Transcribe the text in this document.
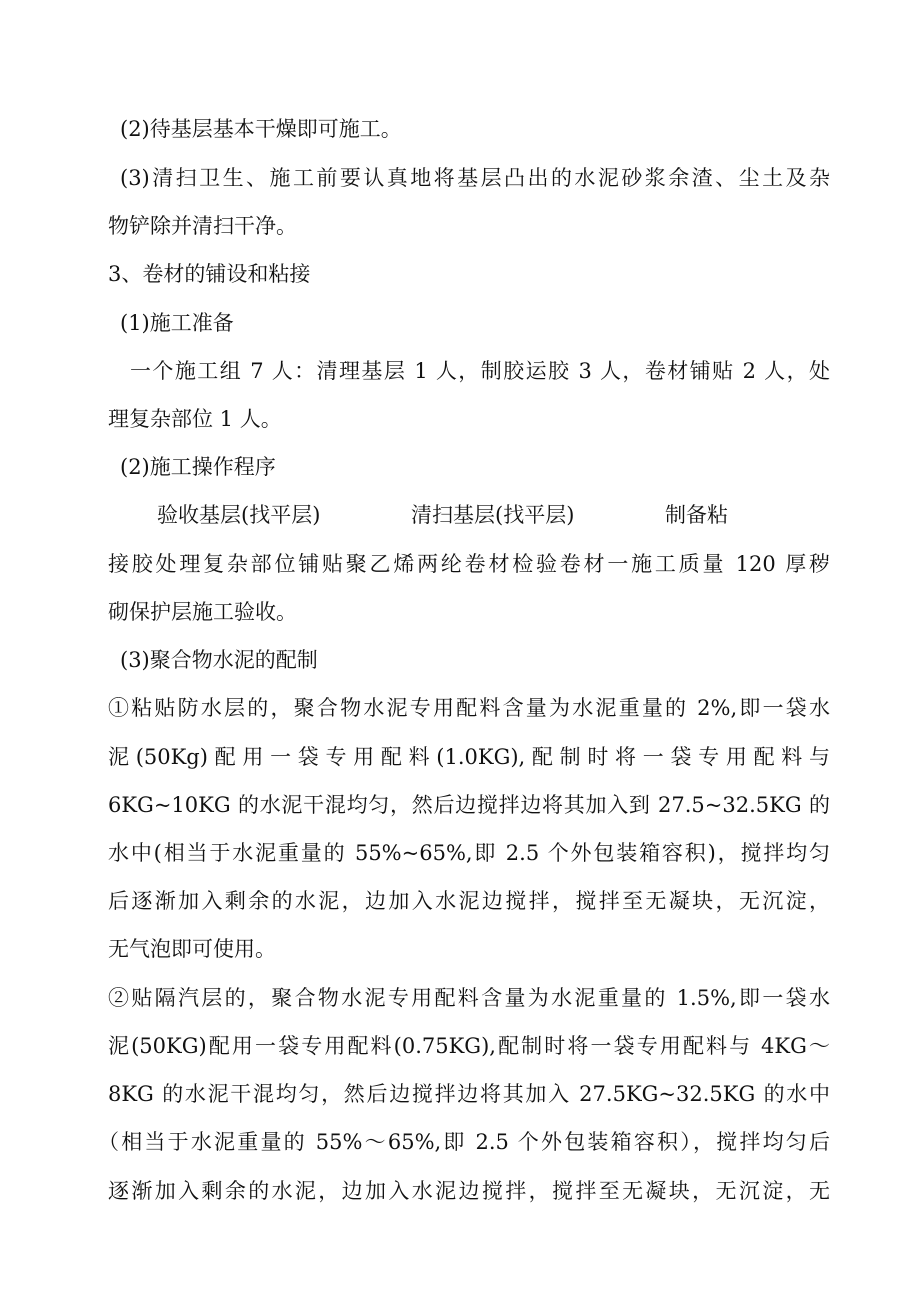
(2)待基层基本干燥即可施工。

(3)清扫卫生、施工前要认真地将基层凸出的水泥砂浆余渣、尘土及杂

物铲除并清扫干净。

3、卷材的铺设和粘接

(1)施工准备

一个施工组 7 人：清理基层 1 人，制胶运胶 3 人，卷材铺贴 2 人，处

理复杂部位 1 人。

(2)施工操作程序

验收基层(找平层)	清扫基层(找平层)	制备粘

接胶处理复杂部位铺贴聚乙烯两纶卷材检验卷材一施工质量 120 厚秽

砌保护层施工验收。

(3)聚合物水泥的配制

①粘贴防水层的，聚合物水泥专用配料含量为水泥重量的 2%,即一袋水

泥(50Kg)配用一袋专用配料(1.0KG),配制时将一袋专用配料与

6KG~10KG 的水泥干混均匀，然后边搅拌边将其加入到 27.5~32.5KG 的

水中(相当于水泥重量的 55%~65%,即 2.5 个外包装箱容积)，搅拌均匀

后逐渐加入剩余的水泥，边加入水泥边搅拌，搅拌至无凝块，无沉淀，

无气泡即可使用。

②贴隔汽层的，聚合物水泥专用配料含量为水泥重量的 1.5%,即一袋水

泥(50KG)配用一袋专用配料(0.75KG),配制时将一袋专用配料与 4KG～

8KG 的水泥干混均匀，然后边搅拌边将其加入 27.5KG~32.5KG 的水中

（相当于水泥重量的 55%～65%,即 2.5 个外包装箱容积），搅拌均匀后

逐渐加入剩余的水泥，边加入水泥边搅拌，搅拌至无凝块，无沉淀，无
